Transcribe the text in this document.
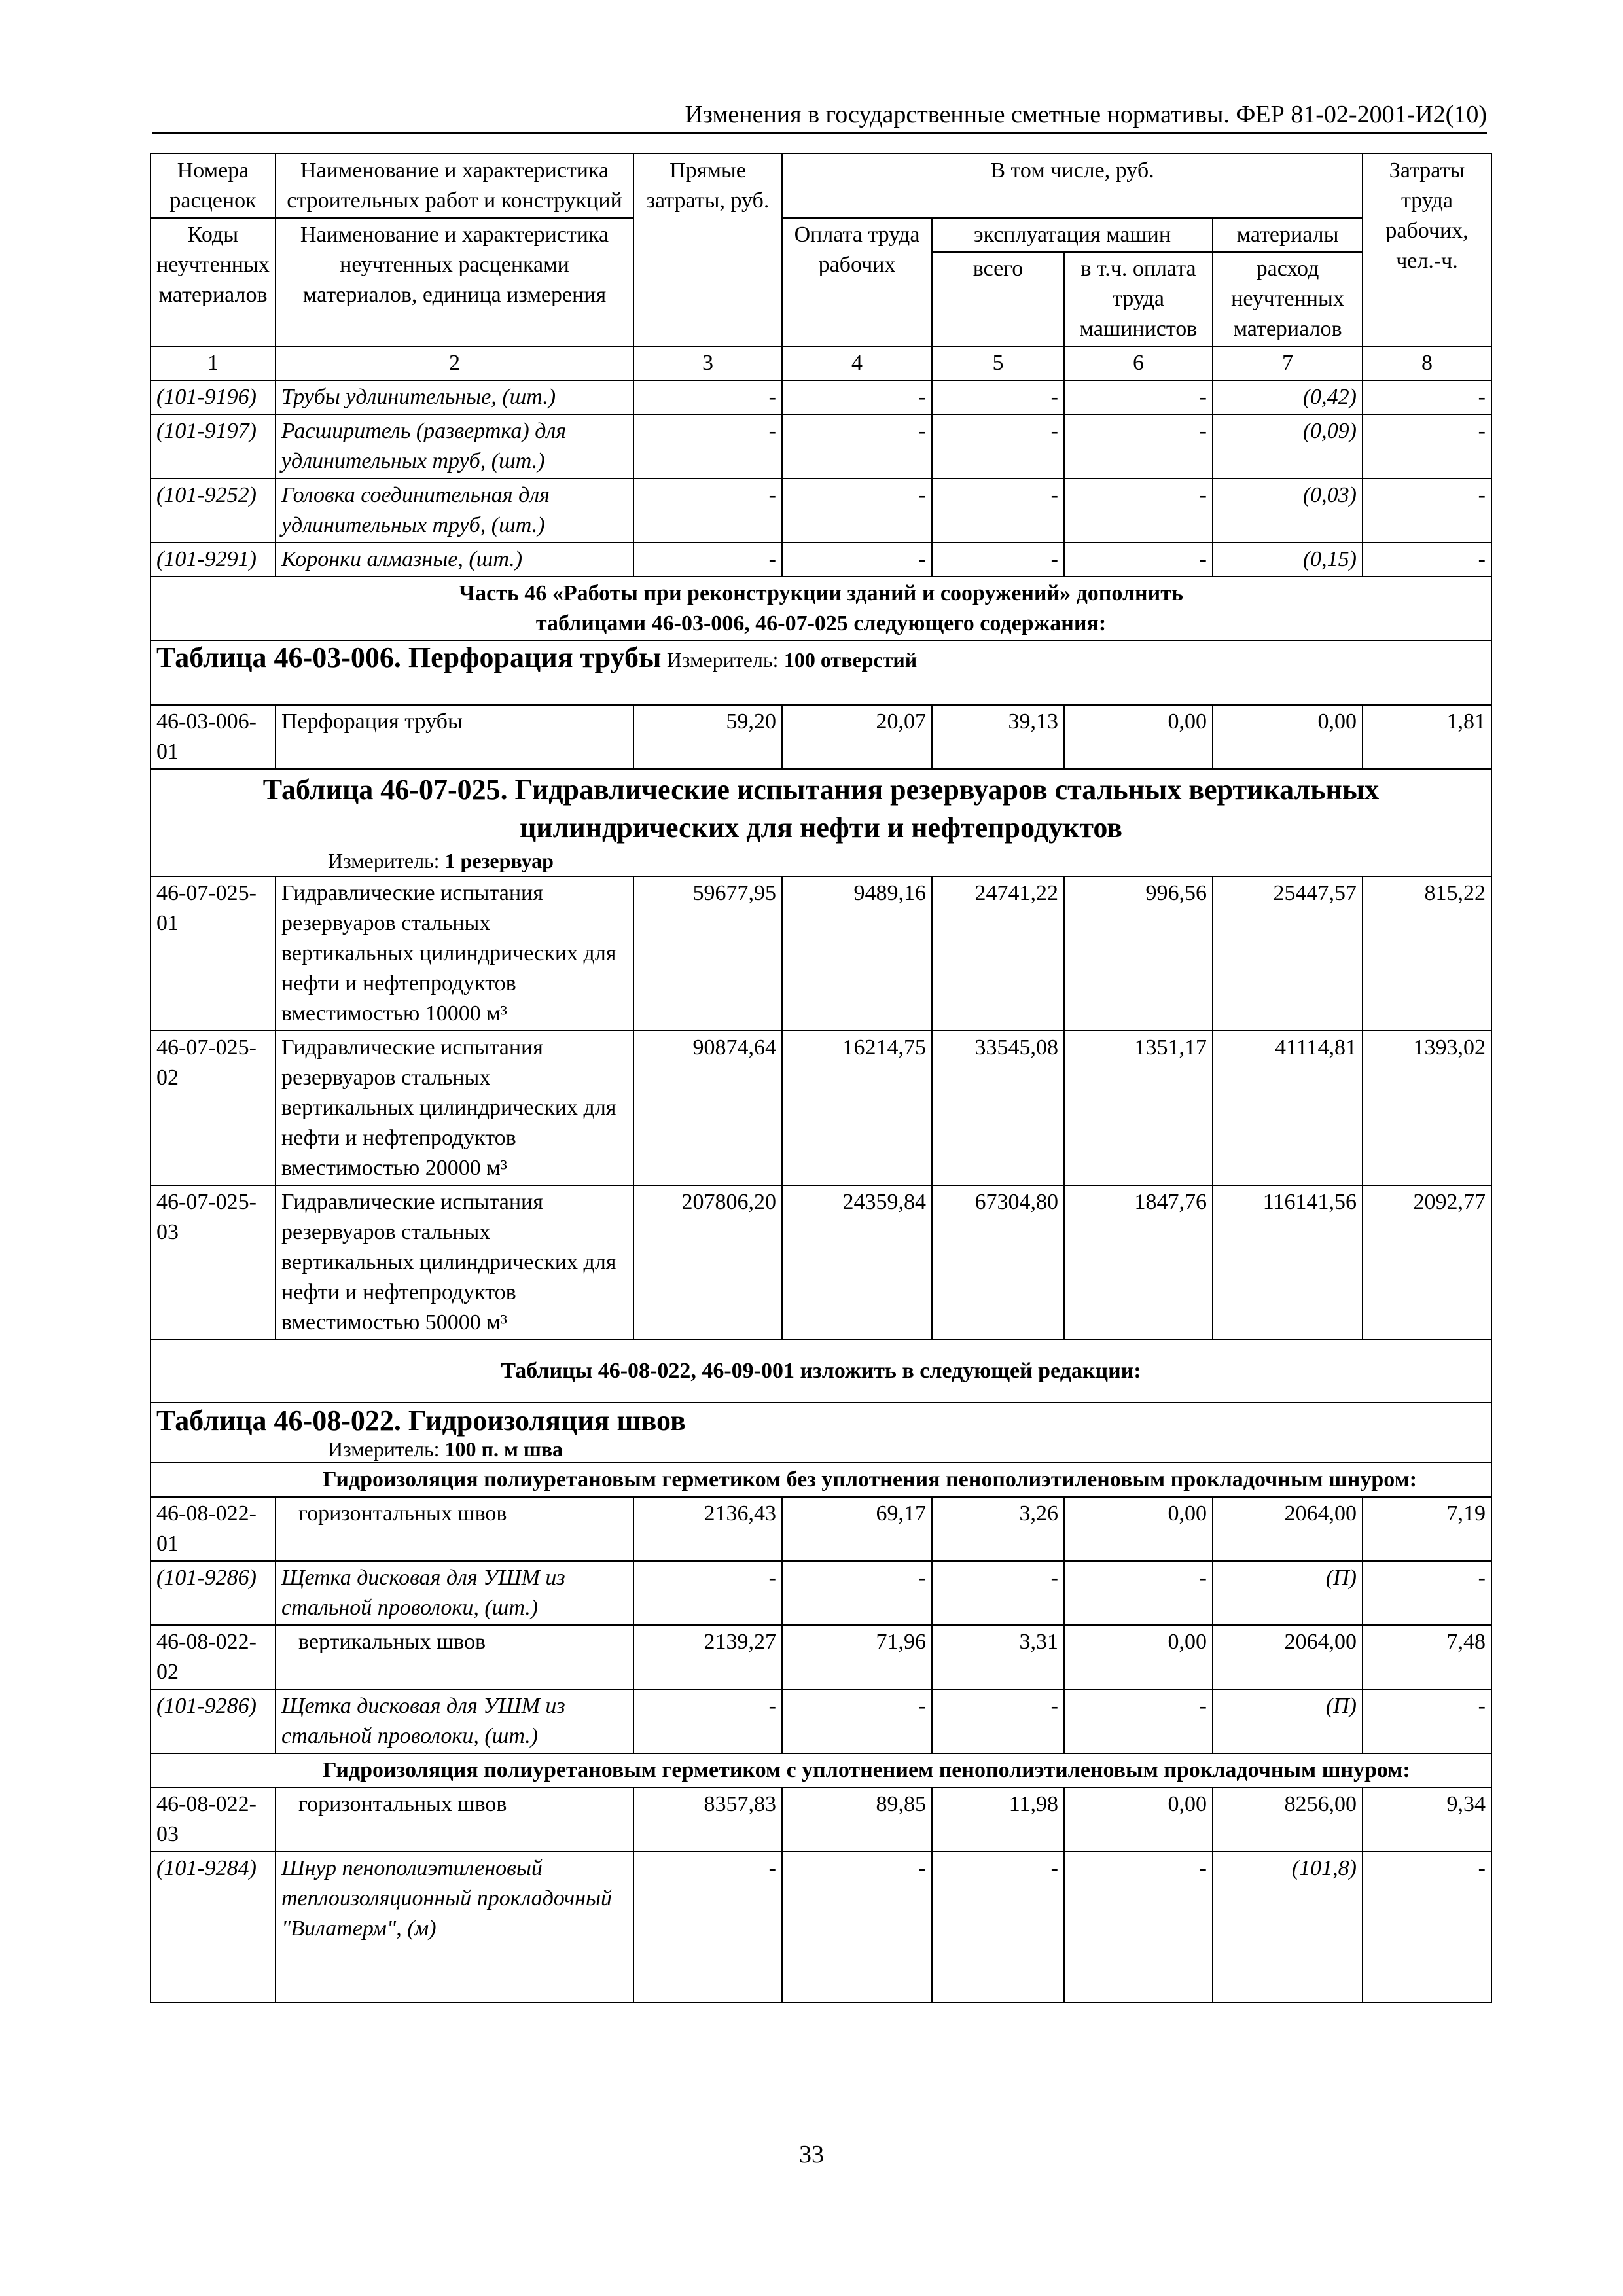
Изменения в государственные сметные нормативы. ФЕР 81-02-2001-И2(10)
Номера расценок	Наименование и характеристика строительных работ и конструкций	Прямые затраты, руб.	В том числе, руб.				Затраты труда рабочих, чел.-ч.
Коды неучтенных материалов	Наименование и характеристика неучтенных расценками материалов, единица измерения		Оплата труда рабочих	эксплуатация машин		материалы	
				всего	в т.ч. оплата труда машинистов	расход неучтенных материалов	
1	2	3	4	5	6	7	8
(101-9196)	Трубы удлинительные, (шт.)	-	-	-	-	(0,42)	-
(101-9197)	Расширитель (развертка) для удлинительных труб, (шт.)	-	-	-	-	(0,09)	-
(101-9252)	Головка соединительная для удлинительных труб, (шт.)	-	-	-	-	(0,03)	-
(101-9291)	Коронки алмазные, (шт.)	-	-	-	-	(0,15)	-

Часть 46 «Работы при реконструкции зданий и сооружений» дополнить
таблицами 46-03-006, 46-07-025 следующего содержания:							

Таблица 46-03-006. Перфорация трубы Измеритель: 100 отверстий							
46-03-006-01	Перфорация трубы	59,20	20,07	39,13	0,00	0,00	1,81

Таблица 46-07-025. Гидравлические испытания резервуаров стальных вертикальных
цилиндрических для нефти и нефтепродуктов
Измеритель: 1 резервуар							

46-07-025-01	Гидравлические испытания резервуаров стальных вертикальных цилиндрических для нефти и нефтепродуктов вместимостью 10000 м³	59677,95	9489,16	24741,22	996,56	25447,57	815,22
46-07-025-02	Гидравлические испытания резервуаров стальных вертикальных цилиндрических для нефти и нефтепродуктов вместимостью 20000 м³	90874,64	16214,75	33545,08	1351,17	41114,81	1393,02
46-07-025-03	Гидравлические испытания резервуаров стальных вертикальных цилиндрических для нефти и нефтепродуктов вместимостью 50000 м³	207806,20	24359,84	67304,80	1847,76	116141,56	2092,77
Таблицы 46-08-022, 46-09-001 изложить в следующей редакции:							

Таблица 46-08-022. Гидроизоляция швов
Измеритель: 100 п. м шва							

Гидроизоляция полиуретановым герметиком без уплотнения пенополиэтиленовым прокладочным шнуром:							
46-08-022-01	горизонтальных швов	2136,43	69,17	3,26	0,00	2064,00	7,19
(101-9286)	Щетка дисковая для УШМ из стальной проволоки, (шт.)	-	-	-	-	(П)	-
46-08-022-02	вертикальных швов	2139,27	71,96	3,31	0,00	2064,00	7,48
(101-9286)	Щетка дисковая для УШМ из стальной проволоки, (шт.)	-	-	-	-	(П)	-
Гидроизоляция полиуретановым герметиком с уплотнением пенополиэтиленовым прокладочным шнуром:							
46-08-022-03	горизонтальных швов	8357,83	89,85	11,98	0,00	8256,00	9,34
(101-9284)	Шнур пенополиэтиленовый теплоизоляционный прокладочный "Вилатерм", (м)	-	-	-	-	(101,8)	-
33
